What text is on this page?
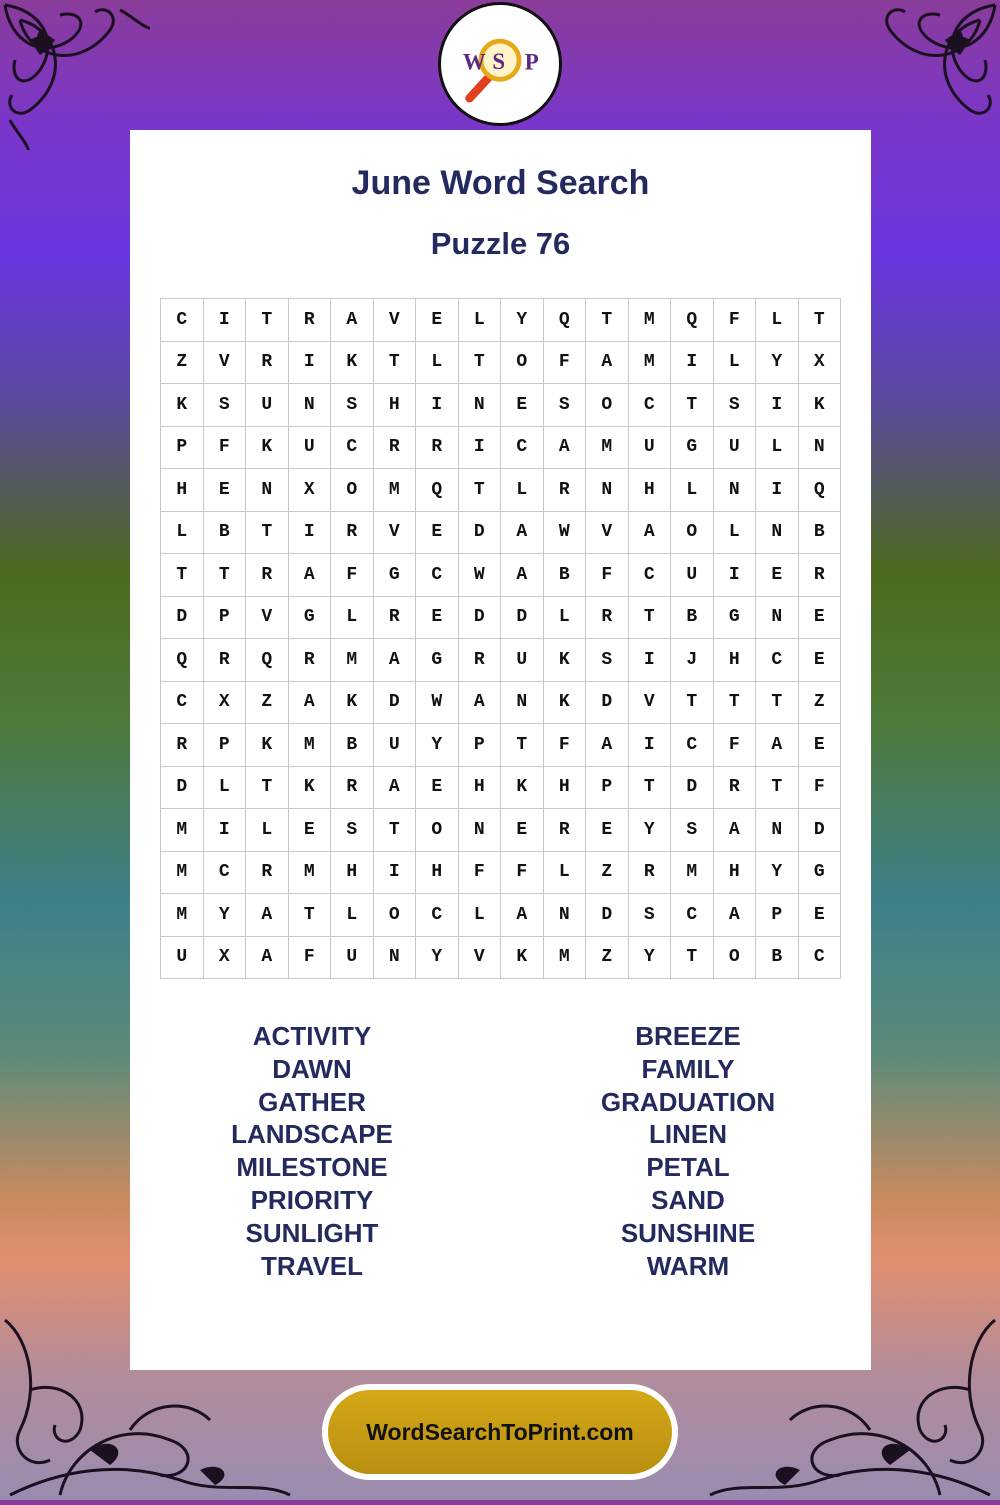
W S P
June Word Search
Puzzle 76
C	I	T	R	A	V	E	L	Y	Q	T	M	Q	F	L	T
Z	V	R	I	K	T	L	T	O	F	A	M	I	L	Y	X
K	S	U	N	S	H	I	N	E	S	O	C	T	S	I	K
P	F	K	U	C	R	R	I	C	A	M	U	G	U	L	N
H	E	N	X	O	M	Q	T	L	R	N	H	L	N	I	Q
L	B	T	I	R	V	E	D	A	W	V	A	O	L	N	B
T	T	R	A	F	G	C	W	A	B	F	C	U	I	E	R
D	P	V	G	L	R	E	D	D	L	R	T	B	G	N	E
Q	R	Q	R	M	A	G	R	U	K	S	I	J	H	C	E
C	X	Z	A	K	D	W	A	N	K	D	V	T	T	T	Z
R	P	K	M	B	U	Y	P	T	F	A	I	C	F	A	E
D	L	T	K	R	A	E	H	K	H	P	T	D	R	T	F
M	I	L	E	S	T	O	N	E	R	E	Y	S	A	N	D
M	C	R	M	H	I	H	F	F	L	Z	R	M	H	Y	G
M	Y	A	T	L	O	C	L	A	N	D	S	C	A	P	E
U	X	A	F	U	N	Y	V	K	M	Z	Y	T	O	B	C
ACTIVITY
DAWN
GATHER
LANDSCAPE
MILESTONE
PRIORITY
SUNLIGHT
TRAVEL
BREEZE
FAMILY
GRADUATION
LINEN
PETAL
SAND
SUNSHINE
WARM
WordSearchToPrint.com
